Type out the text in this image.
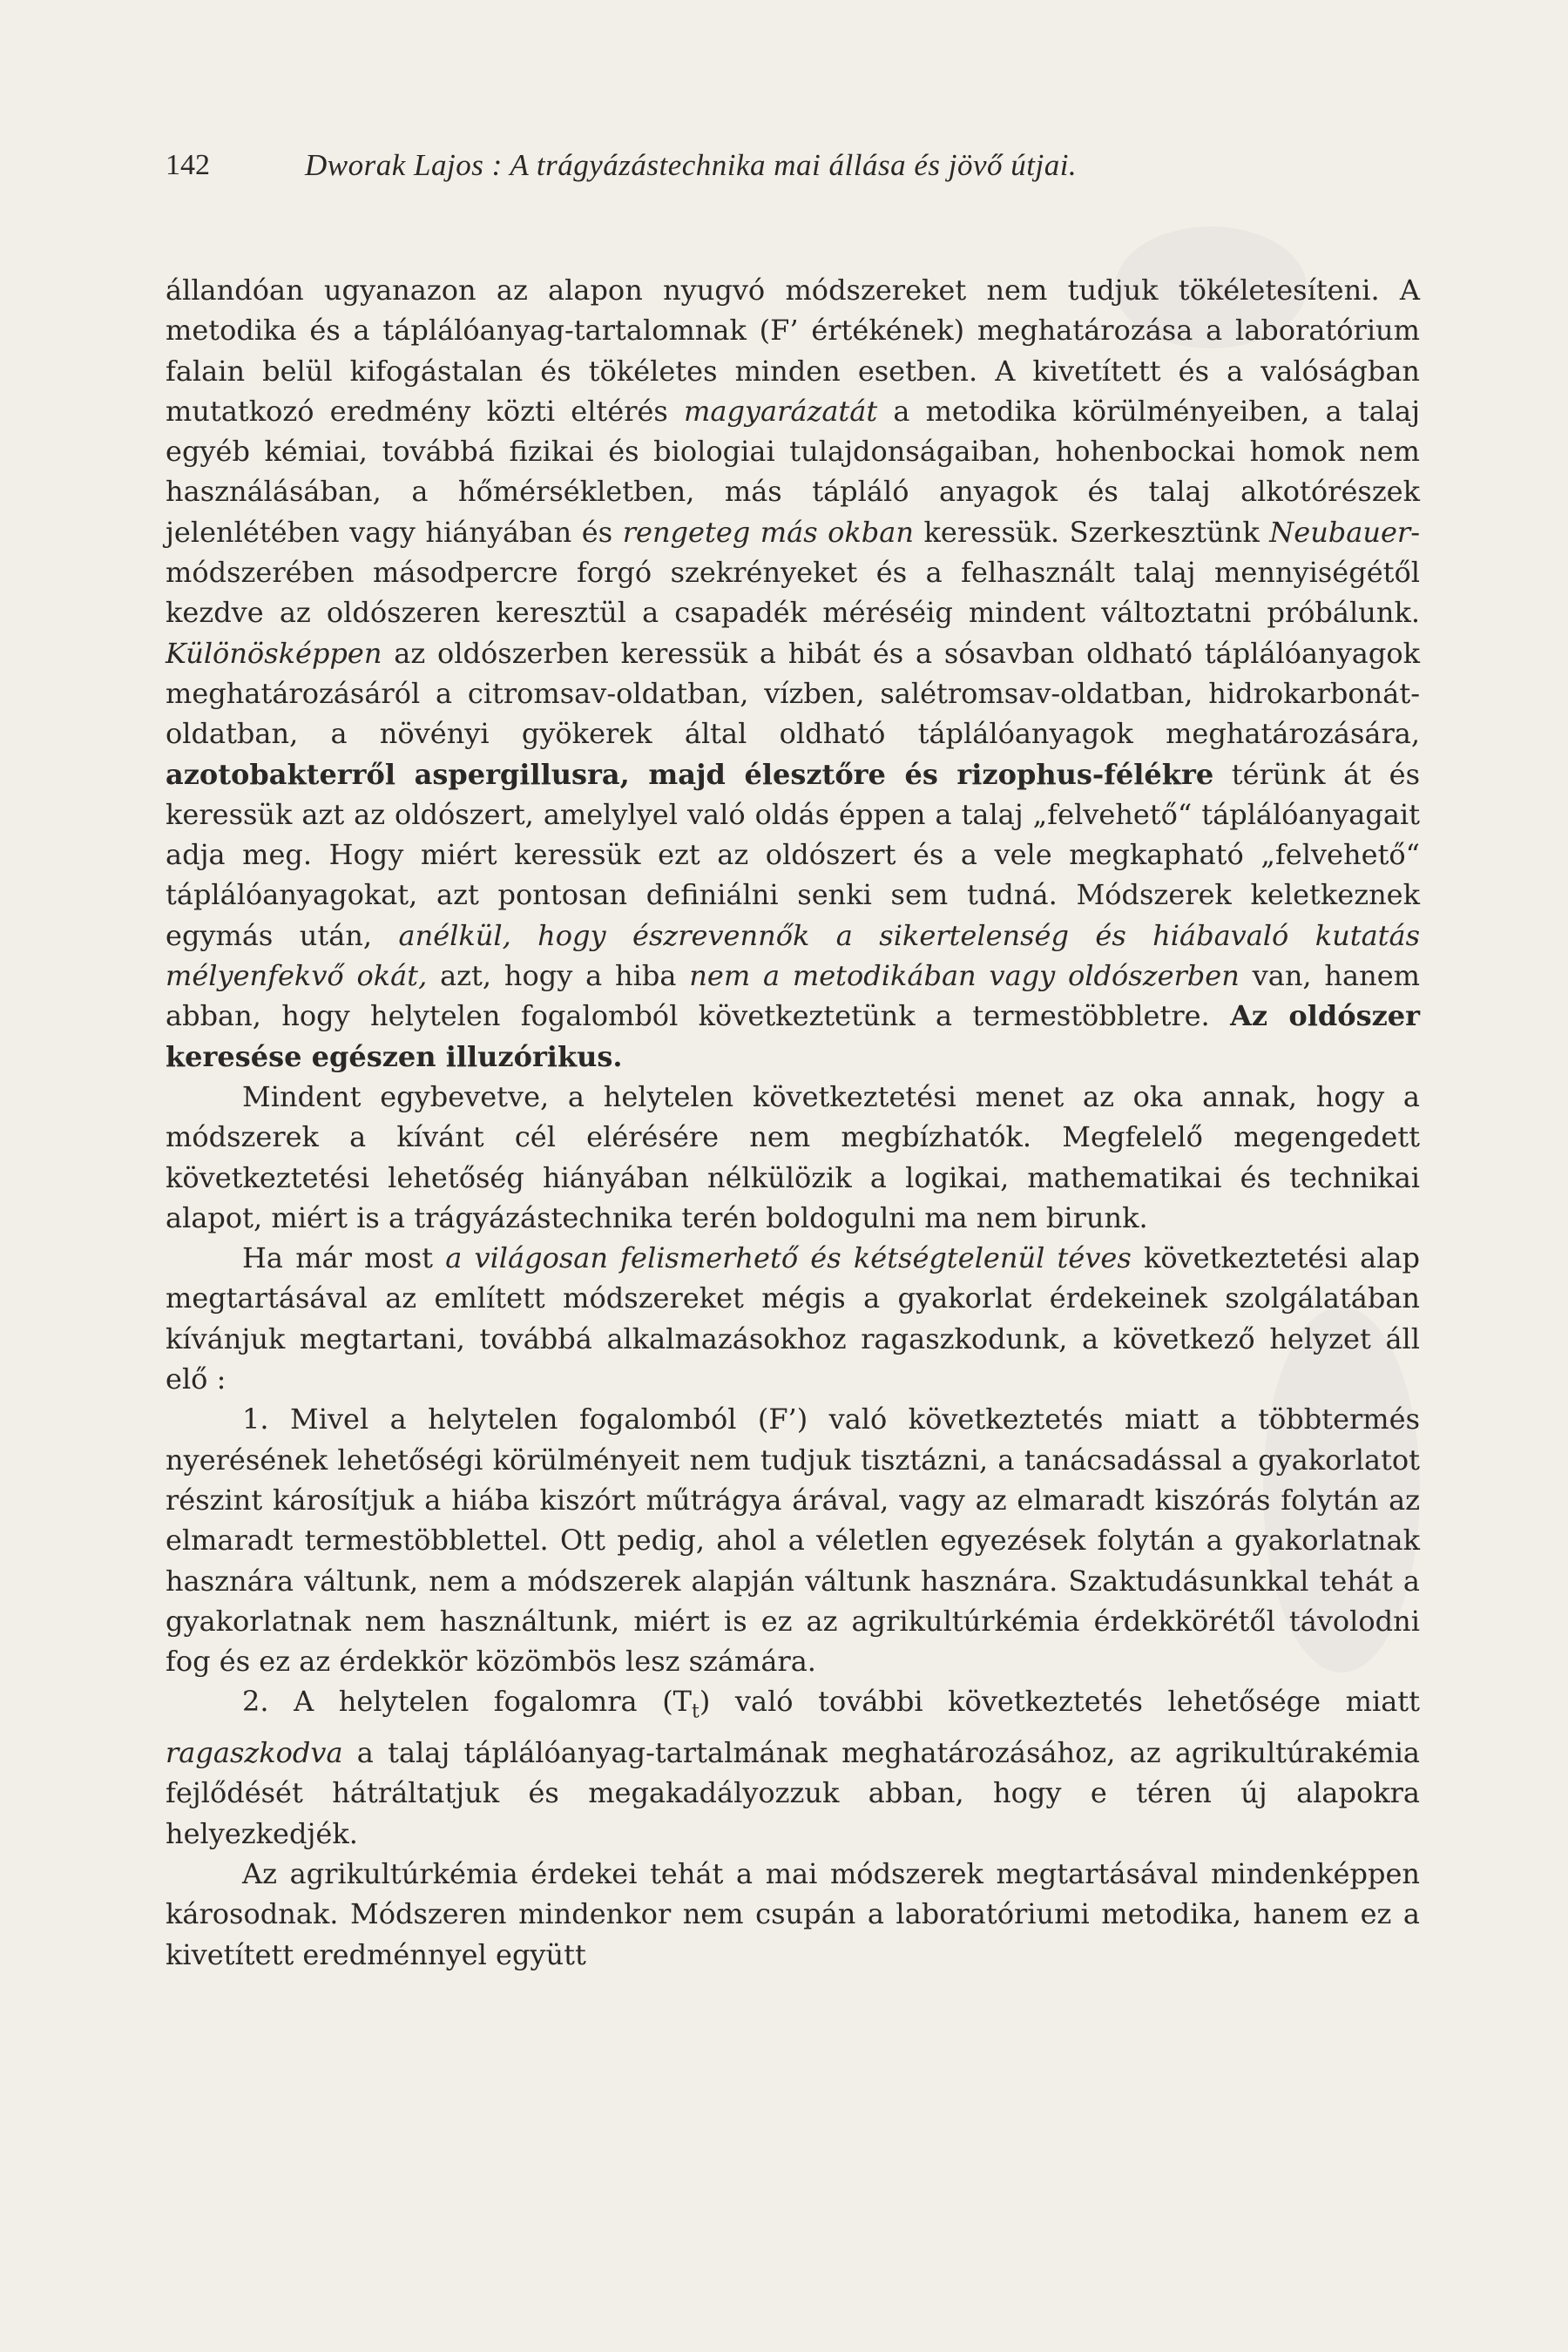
142	Dworak Lajos : A trágyázástechnika mai állása és jövő útjai.

állandóan ugyanazon az alapon nyugvó módszereket nem tudjuk tökéletesíteni. A metodika és a táplálóanyag-tartalomnak (F’ értékének) meghatározása a laboratórium falain belül kifogástalan és tökéletes minden esetben. A kivetített és a valóságban mutatkozó eredmény közti eltérés magyarázatát a metodika körülményeiben, a talaj egyéb kémiai, továbbá fizikai és biologiai tulajdonságaiban, hohenbockai homok nem használásában, a hőmérsékletben, más tápláló anyagok és talaj alkotórészek jelenlétében vagy hiányában és rengeteg más okban keressük. Szerkesztünk Neubauer-módszerében másodpercre forgó szekrényeket és a felhasznált talaj mennyiségétől kezdve az oldószeren keresztül a csapadék méréséig mindent változtatni próbálunk. Különösképpen az oldószerben keressük a hibát és a sósavban oldható táplálóanyagok meghatározásáról a citromsav-oldatban, vízben, salétromsav-oldatban, hidrokarbonát-oldatban, a növényi gyökerek által oldható táplálóanyagok meghatározására, azotobakterről aspergillusra, majd élesztőre és rizophus-félékre térünk át és keressük azt az oldószert, amelylyel való oldás éppen a talaj „felvehető“ táplálóanyagait adja meg. Hogy miért keressük ezt az oldószert és a vele megkapható „felvehető“ táplálóanyagokat, azt pontosan definiálni senki sem tudná. Módszerek keletkeznek egymás után, anélkül, hogy észrevennők a sikertelenség és hiábavaló kutatás mélyenfekvő okát, azt, hogy a hiba nem a metodikában vagy oldószerben van, hanem abban, hogy helytelen fogalomból következtetünk a termestöbbletre. Az oldószer keresése egészen illuzórikus.

Mindent egybevetve, a helytelen következtetési menet az oka annak, hogy a módszerek a kívánt cél elérésére nem megbízhatók. Megfelelő megengedett következtetési lehetőség hiányában nélkülözik a logikai, mathematikai és technikai alapot, miért is a trágyázástechnika terén boldogulni ma nem birunk.

Ha már most a világosan felismerhető és kétségtelenül téves következtetési alap megtartásával az említett módszereket mégis a gyakorlat érdekeinek szolgálatában kívánjuk megtartani, továbbá alkalmazásokhoz ragaszkodunk, a következő helyzet áll elő :

1. Mivel a helytelen fogalomból (F’) való következtetés miatt a többtermés nyerésének lehetőségi körülményeit nem tudjuk tisztázni, a tanácsadással a gyakorlatot részint károsítjuk a hiába kiszórt műtrágya árával, vagy az elmaradt kiszórás folytán az elmaradt termestöbblettel. Ott pedig, ahol a véletlen egyezések folytán a gyakorlatnak hasznára váltunk, nem a módszerek alapján váltunk hasznára. Szaktudásunkkal tehát a gyakorlatnak nem használtunk, miért is ez az agrikultúrkémia érdekkörétől távolodni fog és ez az érdekkör közömbös lesz számára.

2. A helytelen fogalomra $(T_t)$ való további következtetés lehetősége miatt ragaszkodva a talaj táplálóanyag-tartalmának meghatározásához, az agrikultúrakémia fejlődését hátráltatjuk és megakadályozzuk abban, hogy e téren új alapokra helyezkedjék.

Az agrikultúrkémia érdekei tehát a mai módszerek megtartásával mindenképpen károsodnak. Módszeren mindenkor nem csupán a laboratóriumi metodika, hanem ez a kivetített eredménnyel együtt
